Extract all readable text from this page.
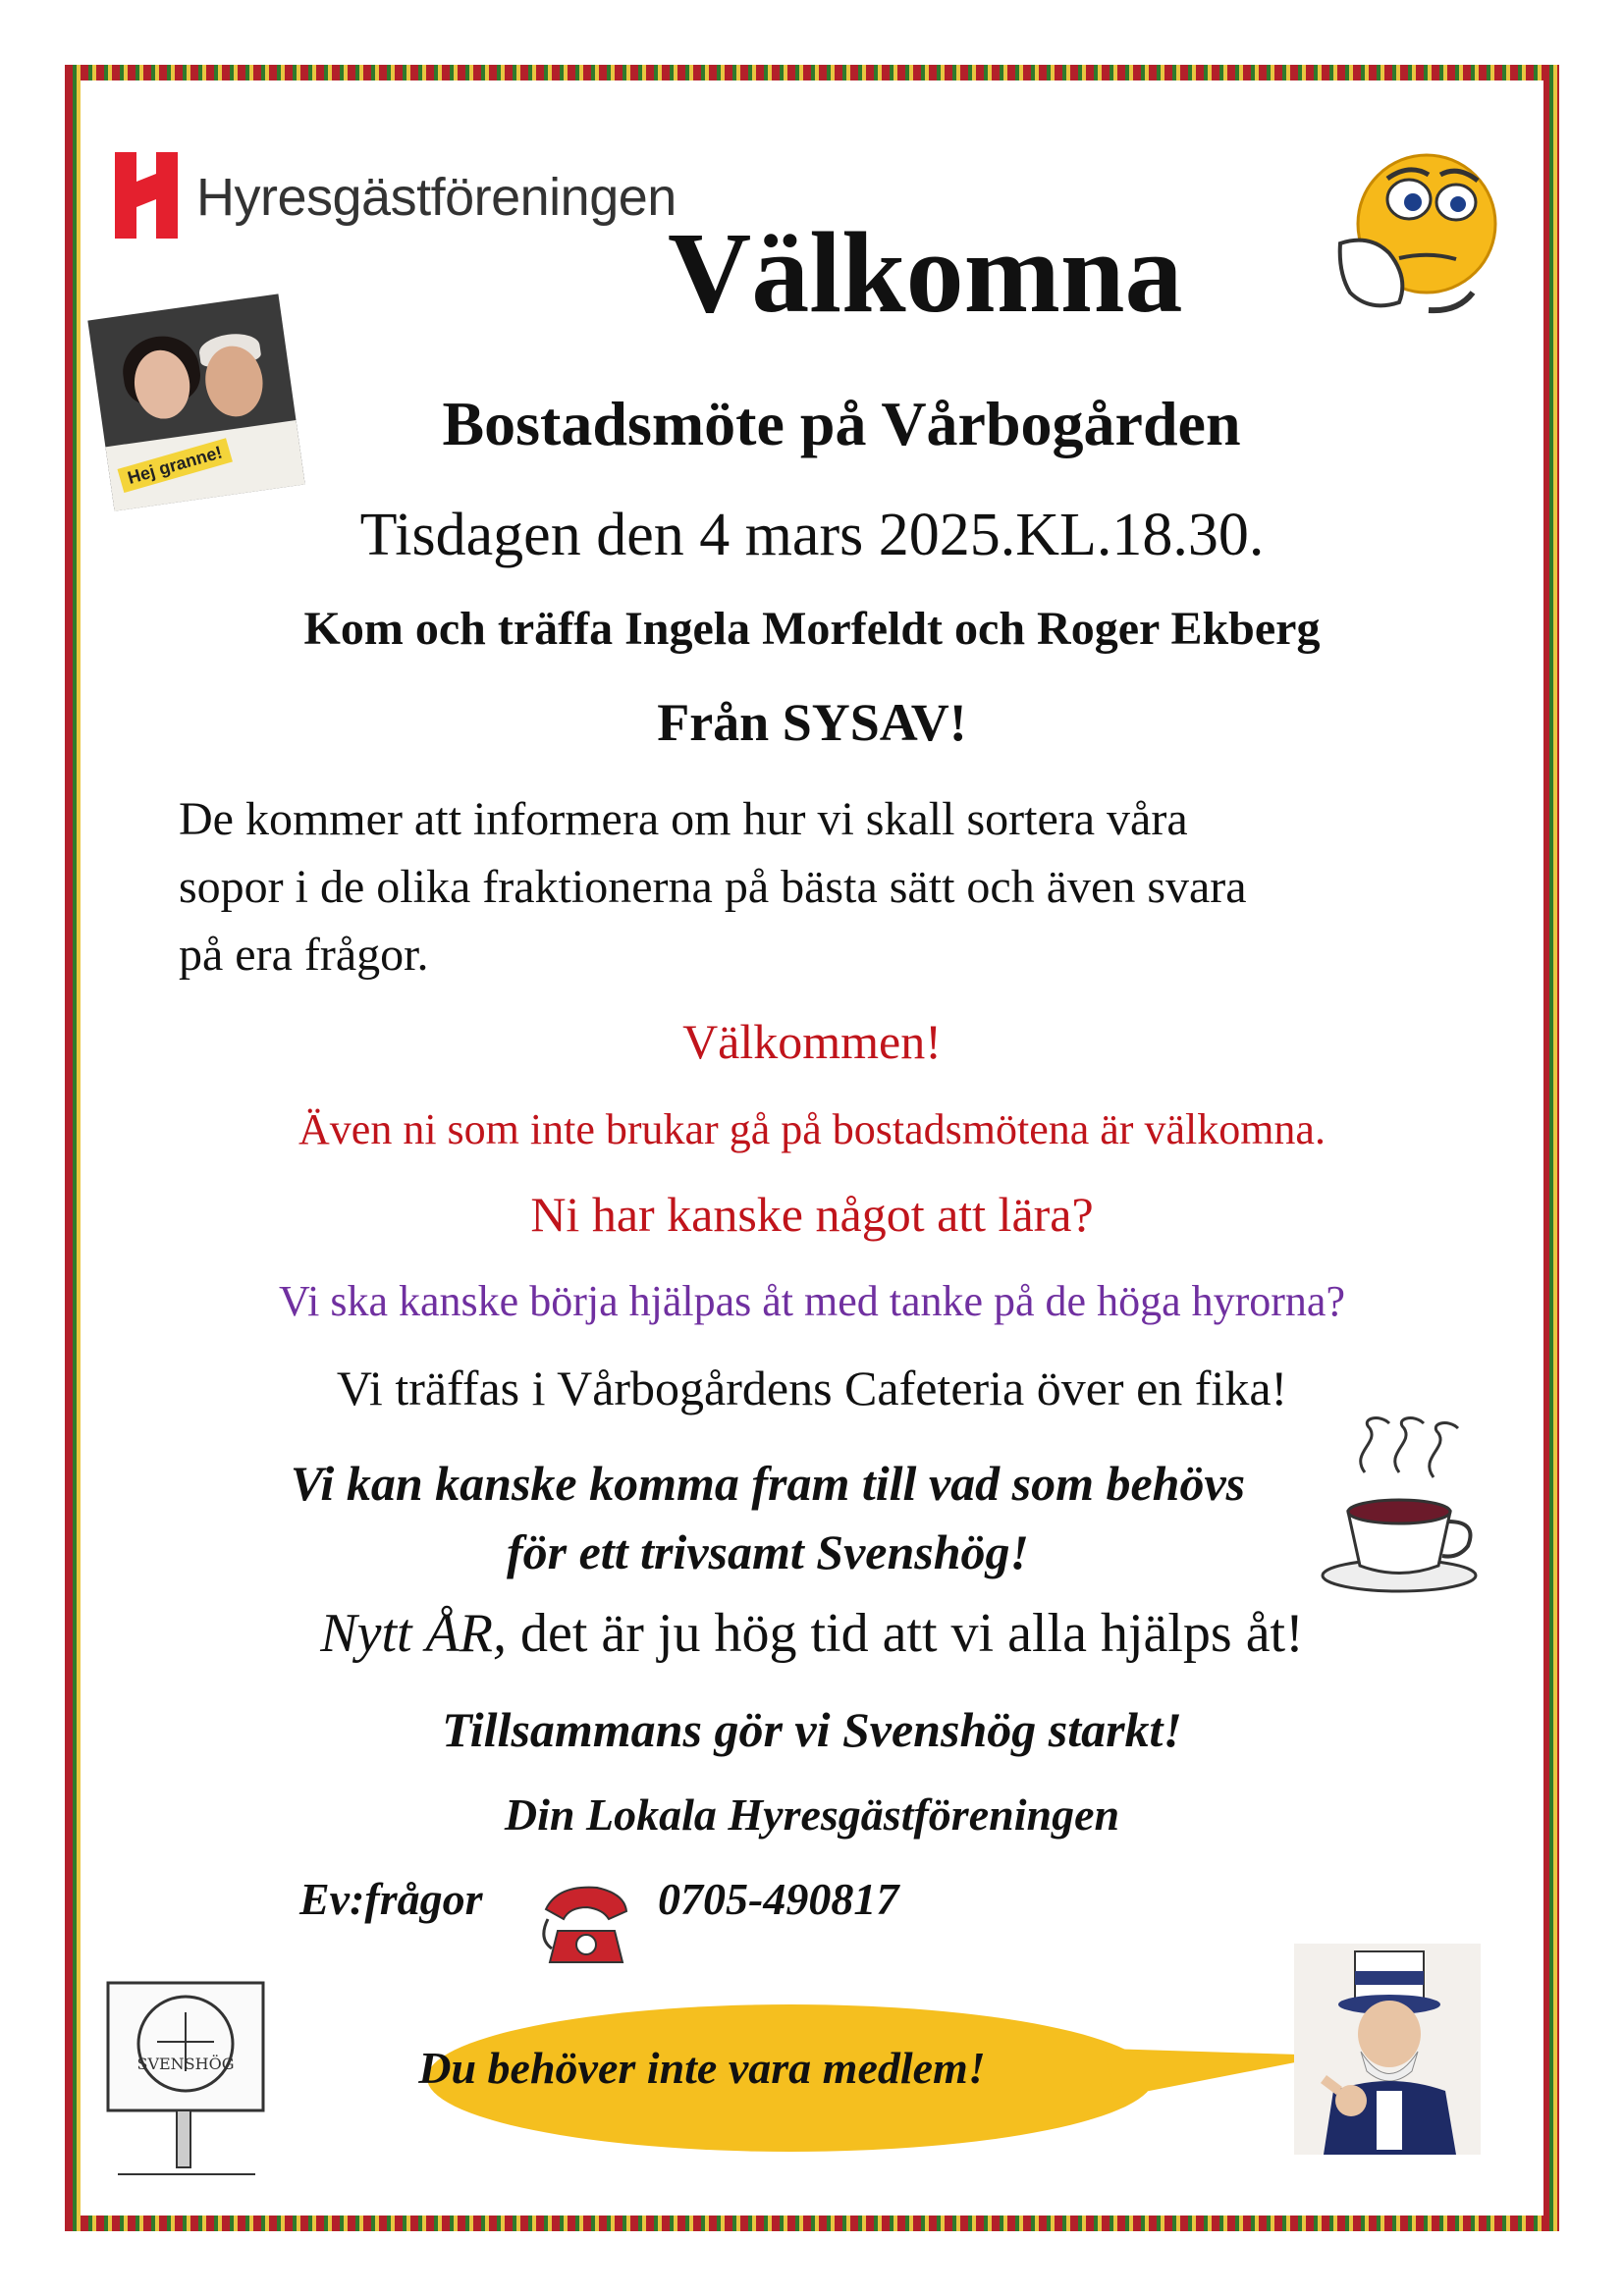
Hyresgästföreningen
Välkomna
Hej granne!
Bostadsmöte på Vårbogården
Tisdagen den 4 mars 2025.KL.18.30.
Kom och träffa Ingela Morfeldt och Roger Ekberg
Från SYSAV!
De kommer att informera om hur vi skall sortera våra
sopor i de olika fraktionerna på bästa sätt och även svara
på era frågor.
Välkommen!
Även ni som inte brukar gå på bostadsmötena är välkomna.
Ni har kanske något att lära?
Vi ska kanske börja hjälpas åt med tanke på de höga hyrorna?
Vi träffas i Vårbogårdens Cafeteria över en fika!
Vi kan kanske komma fram till vad som behövs
för ett trivsamt Svenshög!
Nytt ÅR, det är ju hög tid att vi alla hjälps åt!
Tillsammans gör vi Svenshög starkt!
Din Lokala Hyresgästföreningen
Ev:frågor	0705-490817
SVENSHÖG	Du behöver inte vara medlem!
